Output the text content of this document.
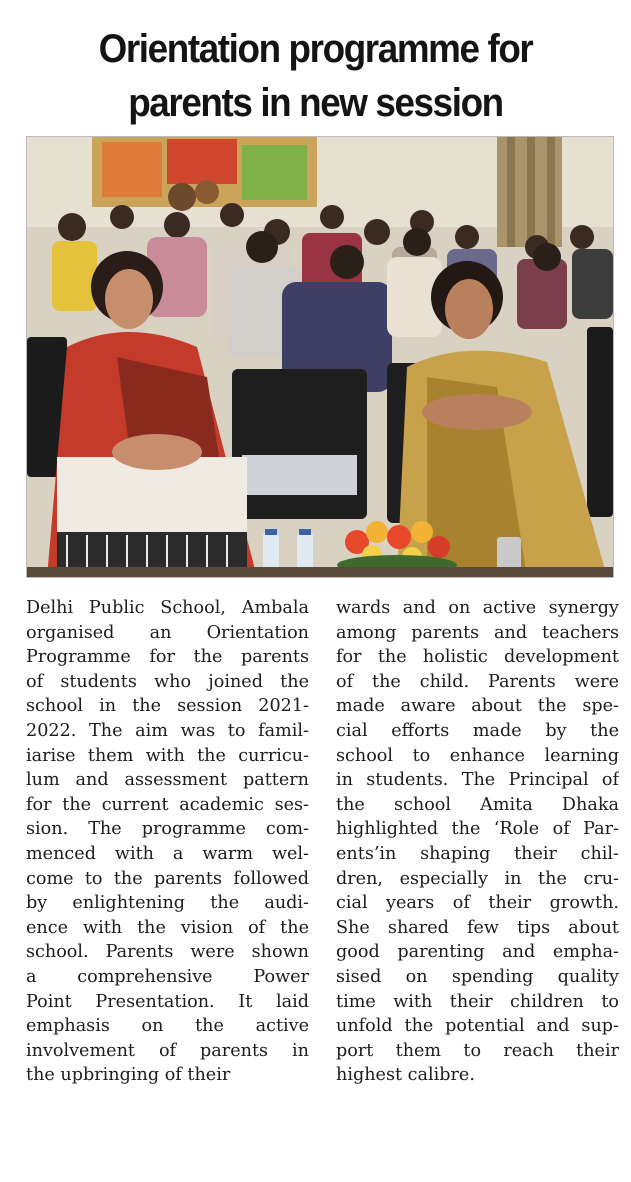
Orientation programme for
parents in new session
Delhi Public School, Ambala
organised an Orientation
Programme for the parents
of students who joined the
school in the session 2021-
2022. The aim was to famil-
iarise them with the curricu-
lum and assessment pattern
for the current academic ses-
sion. The programme com-
menced with a warm wel-
come to the parents followed
by enlightening the audi-
ence with the vision of the
school. Parents were shown
a comprehensive Power
Point Presentation. It laid
emphasis on the active
involvement of parents in
the upbringing of their
wards and on active synergy
among parents and teachers
for the holistic development
of the child. Parents were
made aware about the spe-
cial efforts made by the
school to enhance learning
in students. The Principal of
the school Amita Dhaka
highlighted the ‘Role of Par-
ents’in shaping their chil-
dren, especially in the cru-
cial years of their growth.
She shared few tips about
good parenting and empha-
sised on spending quality
time with their children to
unfold the potential and sup-
port them to reach their
highest calibre.
